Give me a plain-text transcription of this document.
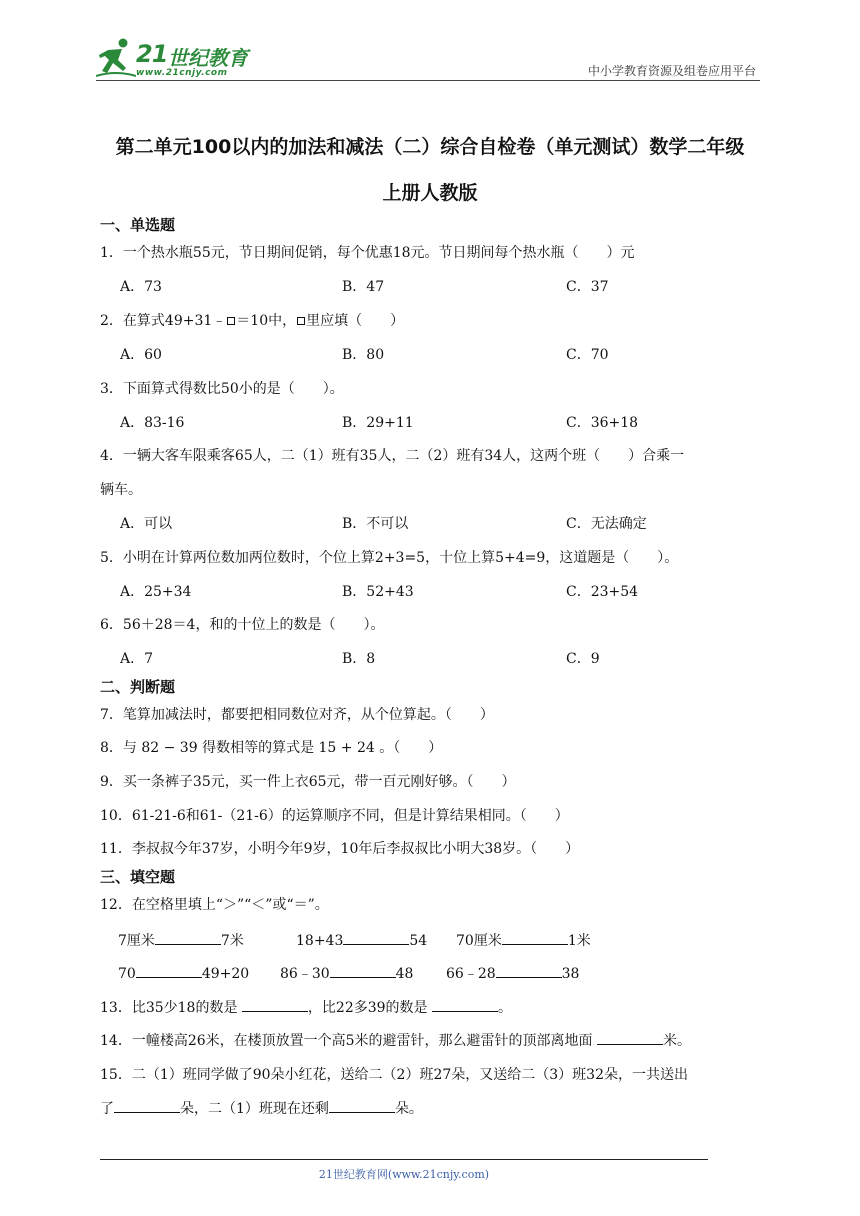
21 世纪教育
www.21cnjy.com	中小学教育资源及组卷应用平台
第二单元100以内的加法和减法（二）综合自检卷（单元测试）数学二年级
上册人教版
一、单选题
1．一个热水瓶55元，节日期间促销，每个优惠18元。节日期间每个热水瓶（　　）元
A．73	B．47	C．37
2．在算式49+31﹣ ＝10中， 里应填（　　）
A．60	B．80	C．70
3．下面算式得数比50小的是（　　）。
A．83-16	B．29+11	C．36+18
4．一辆大客车限乘客65人，二（1）班有35人，二（2）班有34人，这两个班（　　）合乘一
辆车。
A．可以	B．不可以	C．无法确定
5．小明在计算两位数加两位数时，个位上算2+3=5，十位上算5+4=9，这道题是（　　）。
A．25+34	B．52+43	C．23+54
6．56＋28＝4，和的十位上的数是（　　）。
A．7	B．8	C．9
二、判断题
7．笔算加减法时，都要把相同数位对齐，从个位算起。（　　）
8．与 82 − 39 得数相等的算式是 15 + 24 。（　　）
9．买一条裤子35元，买一件上衣65元，带一百元刚好够。（　　）
10．61-21-6和61-（21-6）的运算顺序不同，但是计算结果相同。（　　）
11．李叔叔今年37岁，小明今年9岁，10年后李叔叔比小明大38岁。（　　）
三、填空题
12．在空格里填上“＞”“＜”或“＝”。
7厘米	7米	18+43	54 70厘米	1米
70	49+20 86﹣30	48 66﹣28	38
13．比35少18的数是	，比22多39的数是	。
14．一幢楼高26米，在楼顶放置一个高5米的避雷针，那么避雷针的顶部离地面	米。
15．二（1）班同学做了90朵小红花，送给二（2）班27朵，又送给二（3）班32朵，一共送出
了	朵，二（1）班现在还剩	朵。
21世纪教育网(www.21cnjy.com)
